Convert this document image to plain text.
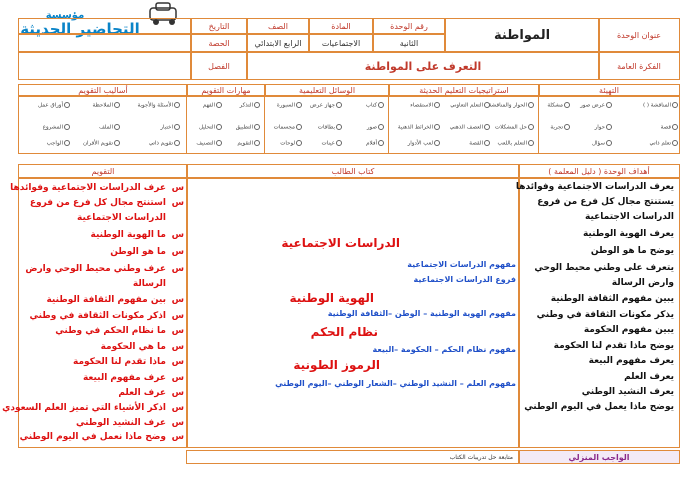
مؤسسة
التحاضير الحديثة	عنوان الوحدة
المواطنة
الفكرة العامة
التعرف على المواطنة
رقم الوحدة
الثانية
المادة
الاجتماعيات
الصف
الرابع الابتدائي
التاريخ
الحصة
الفصل
التهيئة
استراتيجيات التعليم الحديثة
الوسائل التعليمية
مهارات التقويم
أساليب التقويم
المناقشة ( )
عرض صور
مشكلة
قصة
حوار
تجربة
تعلم ذاتي
سؤال
الحوار والمناقشة
التعلم التعاوني
الاستقصاء
حل المشكلات
العصف الذهني
الخرائط الذهنية
التعلم باللعب
القصة
لعب الأدوار
كتاب
جهاز عرض
السبورة
صور
بطاقات
مجسمات
أفلام
عينات
لوحات
التذكر
الفهم
التطبيق
التحليل
التقويم
التصنيف
الأسئلة والأجوبة
الملاحظة
أوراق عمل
اختبار
الملف
المشروع
تقويم ذاتي
تقويم الأقران
الواجب
أهداف الوحدة ( دليل المعلمة )
كتاب الطالب
التقويم
يعرف الدراسات الاجتماعية وفوائدها
يستنتج مجال كل فرع من فروع
الدراسات الاجتماعية
يعرف الهوية الوطنية
يوضح ما هو الوطن
يتعرف على وطني محيط الوحي
وارض الرسالة
يبين مفهوم الثقافة الوطنية
يذكر مكونات الثقافة في وطني
يبين مفهوم الحكومة
يوضح ماذا تقدم لنا الحكومة
يعرف مفهوم البيعة
يعرف العلم
يعرف النشيد الوطني
يوضح ماذا يعمل في اليوم الوطني
الدراسات الاجتماعية
مفهوم الدراسات الاجتماعية
فروع الدراسات الاجتماعية
الهوية الوطنية
مفهوم الهوية الوطنية – الوطن –الثقافة الوطنية
نظام الحكم
مفهوم نظام الحكم – الحكومة –البيعة
الرموز الطونية
مفهوم العلم – النشيد الوطني –الشعار الوطني –اليوم الوطني
س
عرف الدراسات الاجتماعية وفوائدها
س
استنتج مجال كل فرع من فروع
الدراسات الاجتماعية
س
ما الهوية الوطنية
س
ما هو الوطن
س
عرف وطني محيط الوحي وارض
الرسالة
س
بين مفهوم الثقافة الوطنية
س
اذكر مكونات الثقافة في وطني
س
ما نظام الحكم في وطني
س
ما هي الحكومة
س
ماذا تقدم لنا الحكومة
س
عرف مفهوم البيعة
س
عرف العلم
س
اذكر الأشياء التي تميز العلم السعودي
س
عرف النشيد الوطني
س
وضح ماذا نعمل في اليوم الوطني
الواجب المنزلي
متابعة حل تدريبات الكتاب
